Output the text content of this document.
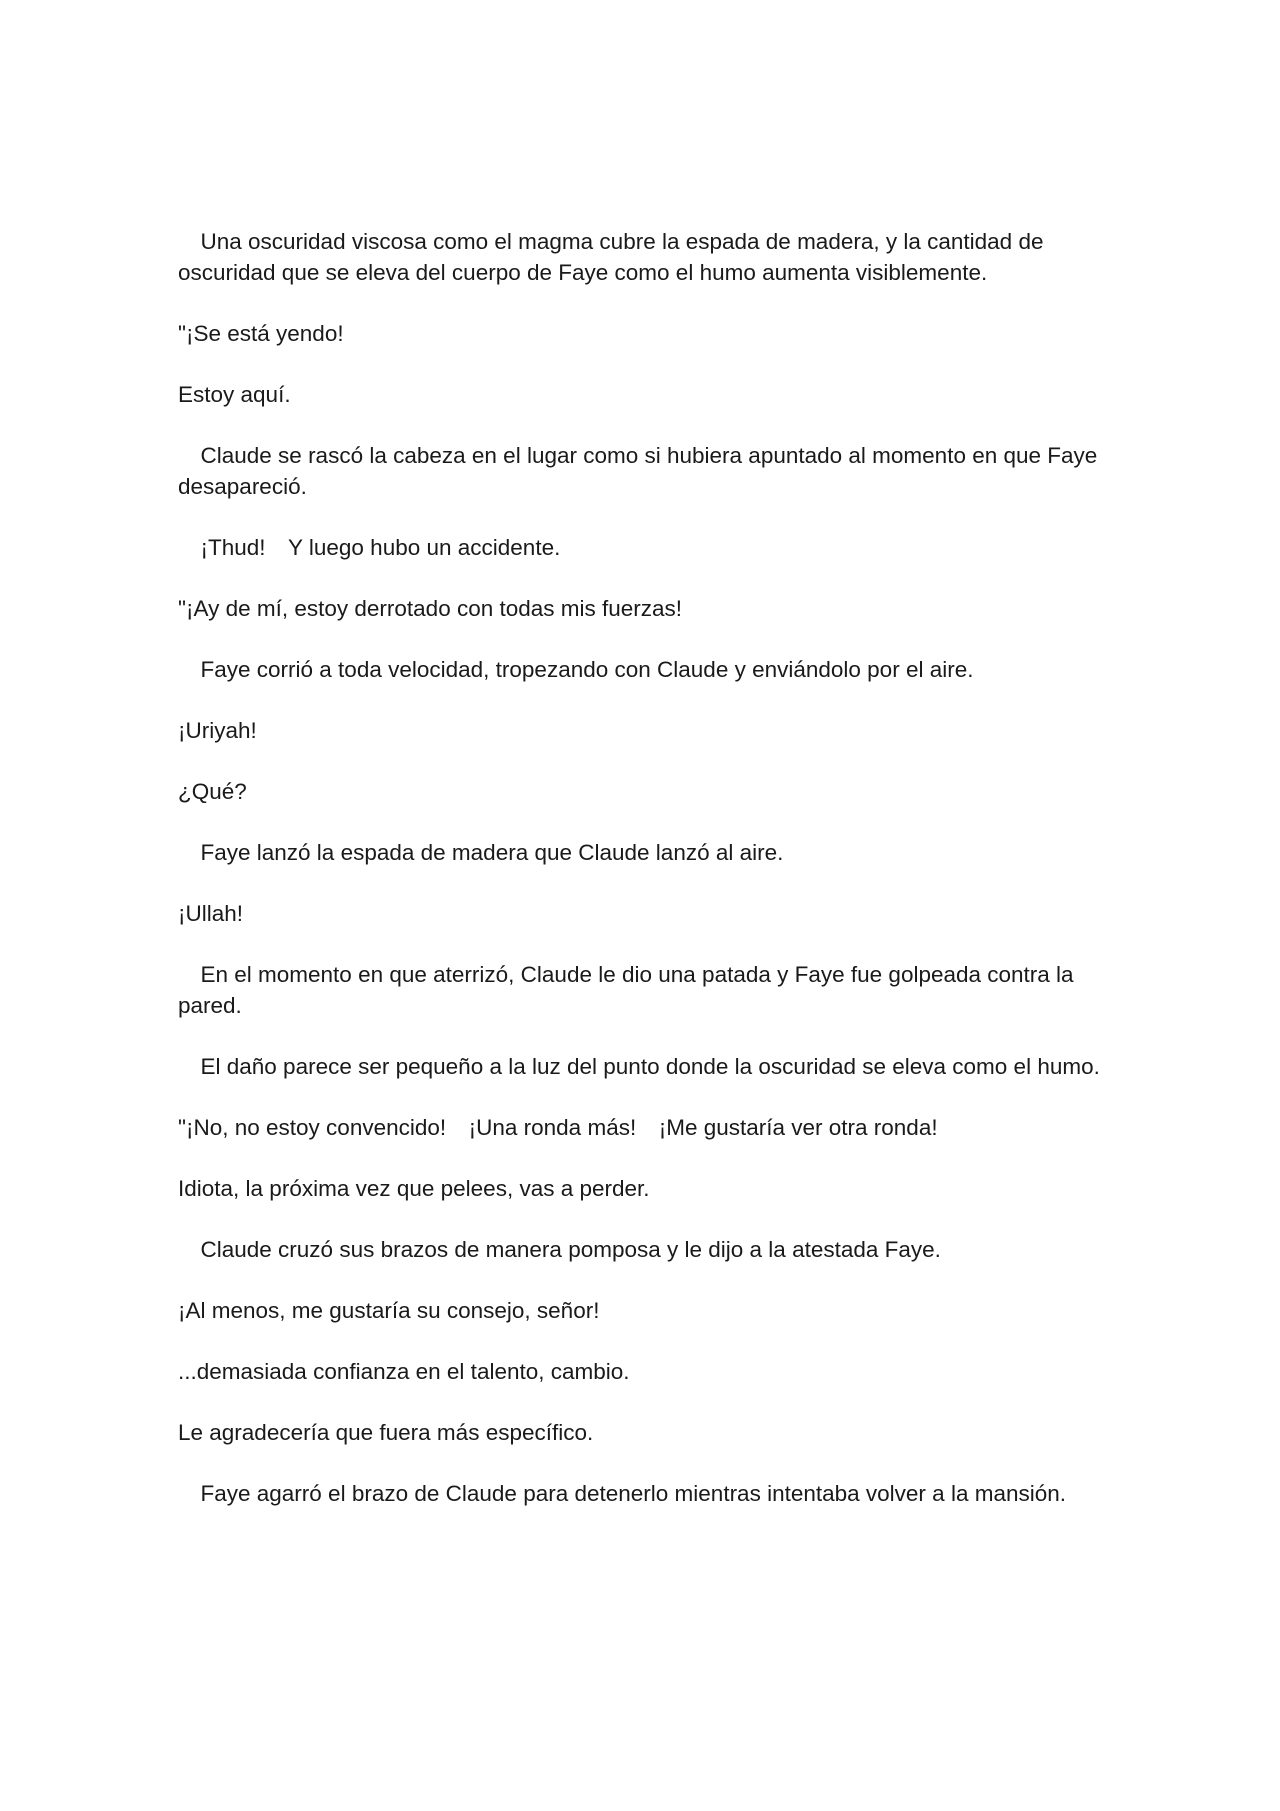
　Una oscuridad viscosa como el magma cubre la espada de madera, y la cantidad de oscuridad que se eleva del cuerpo de Faye como el humo aumenta visiblemente.

"¡Se está yendo!

Estoy aquí.

　Claude se rascó la cabeza en el lugar como si hubiera apuntado al momento en que Faye desapareció.

　¡Thud!　Y luego hubo un accidente.

"¡Ay de mí, estoy derrotado con todas mis fuerzas!

　Faye corrió a toda velocidad, tropezando con Claude y enviándolo por el aire.

¡Uriyah!

¿Qué?

　Faye lanzó la espada de madera que Claude lanzó al aire.

¡Ullah!

　En el momento en que aterrizó, Claude le dio una patada y Faye fue golpeada contra la pared.

　El daño parece ser pequeño a la luz del punto donde la oscuridad se eleva como el humo.

"¡No, no estoy convencido!　¡Una ronda más!　¡Me gustaría ver otra ronda!

Idiota, la próxima vez que pelees, vas a perder.

　Claude cruzó sus brazos de manera pomposa y le dijo a la atestada Faye.

¡Al menos, me gustaría su consejo, señor!

...demasiada confianza en el talento, cambio.

Le agradecería que fuera más específico.

　Faye agarró el brazo de Claude para detenerlo mientras intentaba volver a la mansión.
